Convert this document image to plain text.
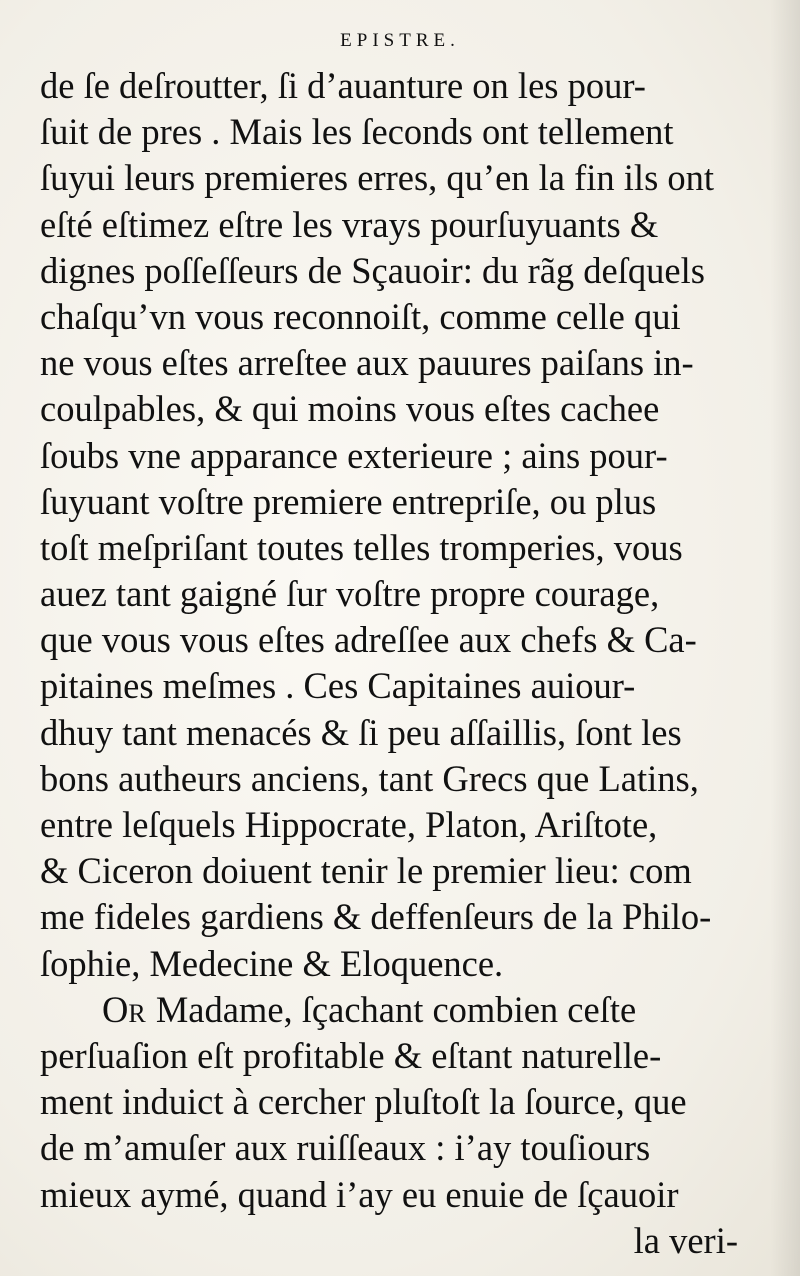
EPISTRE.
de ſe deſroutter, ſi d’auanture on les pour-
ſuit de pres . Mais les ſeconds ont tellement
ſuyui leurs premieres erres, qu’en la fin ils ont
eſté eſtimez eſtre les vrays pourſuyuants &
dignes poſſeſſeurs de Sçauoir: du rãg deſquels
chaſqu’vn vous reconnoiſt, comme celle qui
ne vous eſtes arreſtee aux pauures paiſans in-
coulpables, & qui moins vous eſtes cachee
ſoubs vne apparance exterieure ; ains pour-
ſuyuant voſtre premiere entrepriſe, ou plus
toſt meſpriſant toutes telles tromperies, vous
auez tant gaigné ſur voſtre propre courage,
que vous vous eſtes adreſſee aux chefs & Ca-
pitaines meſmes . Ces Capitaines auiour-
dhuy tant menacés & ſi peu aſſaillis, ſont les
bons autheurs anciens, tant Grecs que Latins,
entre leſquels Hippocrate, Platon, Ariſtote,
& Ciceron doiuent tenir le premier lieu: com
me fideles gardiens & deffenſeurs de la Philo-
ſophie, Medecine & Eloquence.
OR Madame, ſçachant combien ceſte
perſuaſion eſt profitable & eſtant naturelle-
ment induict à cercher pluſtoſt la ſource, que
de m’amuſer aux ruiſſeaux : i’ay touſiours
mieux aymé, quand i’ay eu enuie de ſçauoir
la veri-
